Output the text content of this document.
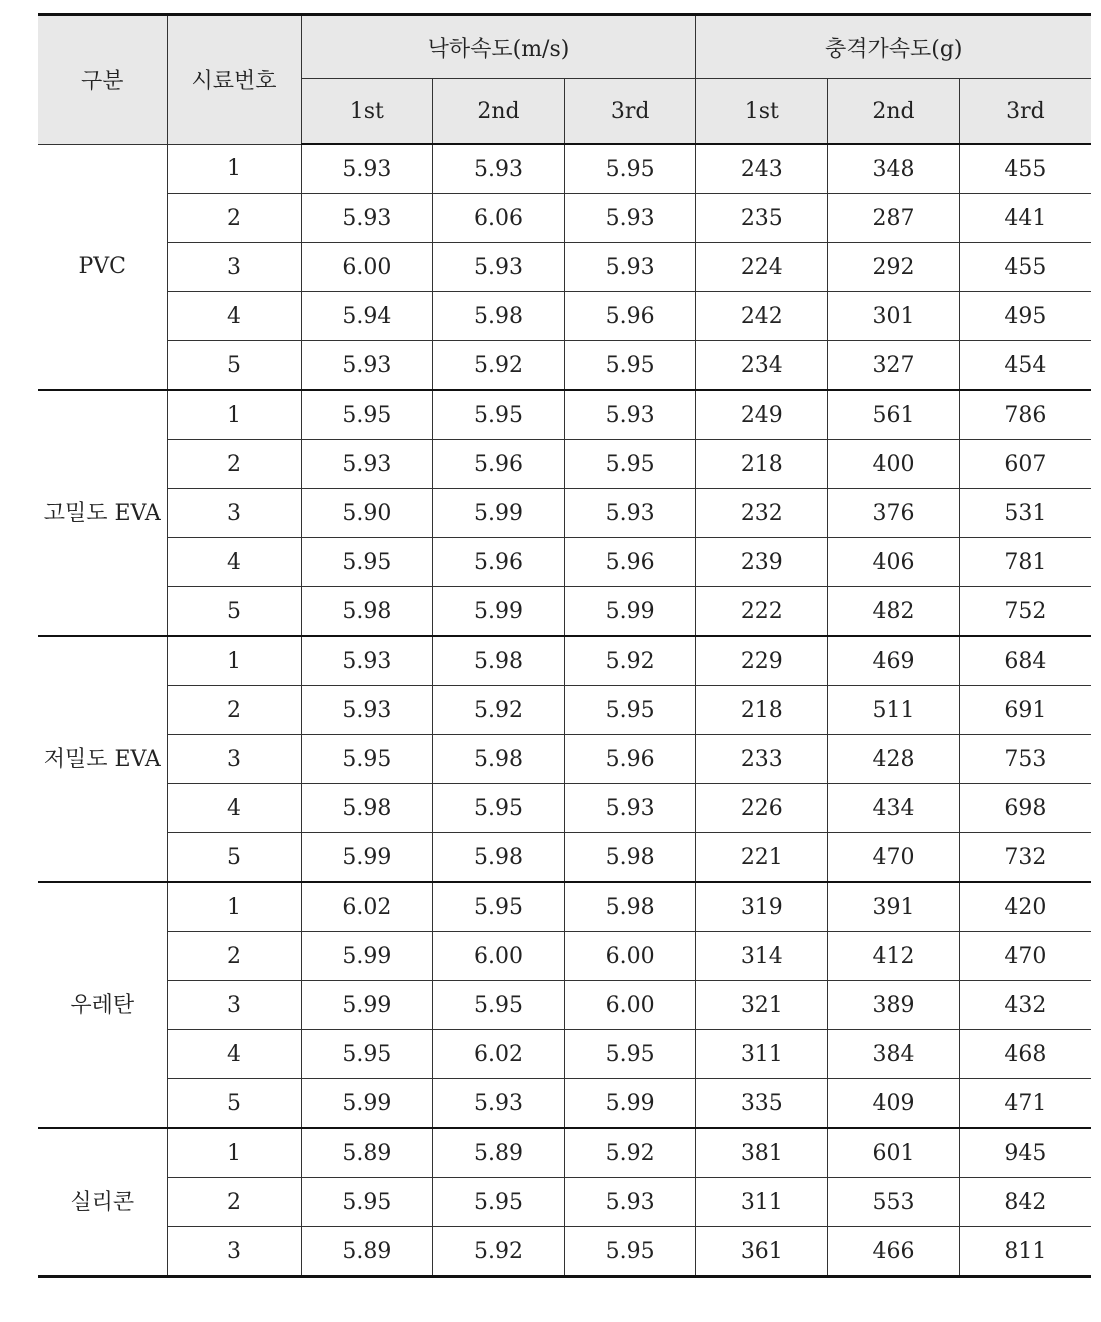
구분	시료번호	낙하속도(m/s)			충격가속도(g)		
		1st	2nd	3rd	1st	2nd	3rd
PVC	1	5.93	5.93	5.95	243	348	455
	2	5.93	6.06	5.93	235	287	441
	3	6.00	5.93	5.93	224	292	455
	4	5.94	5.98	5.96	242	301	495
	5	5.93	5.92	5.95	234	327	454
고밀도 EVA	1	5.95	5.95	5.93	249	561	786
	2	5.93	5.96	5.95	218	400	607
	3	5.90	5.99	5.93	232	376	531
	4	5.95	5.96	5.96	239	406	781
	5	5.98	5.99	5.99	222	482	752
저밀도 EVA	1	5.93	5.98	5.92	229	469	684
	2	5.93	5.92	5.95	218	511	691
	3	5.95	5.98	5.96	233	428	753
	4	5.98	5.95	5.93	226	434	698
	5	5.99	5.98	5.98	221	470	732
우레탄	1	6.02	5.95	5.98	319	391	420
	2	5.99	6.00	6.00	314	412	470
	3	5.99	5.95	6.00	321	389	432
	4	5.95	6.02	5.95	311	384	468
	5	5.99	5.93	5.99	335	409	471
실리콘	1	5.89	5.89	5.92	381	601	945
	2	5.95	5.95	5.93	311	553	842
	3	5.89	5.92	5.95	361	466	811
